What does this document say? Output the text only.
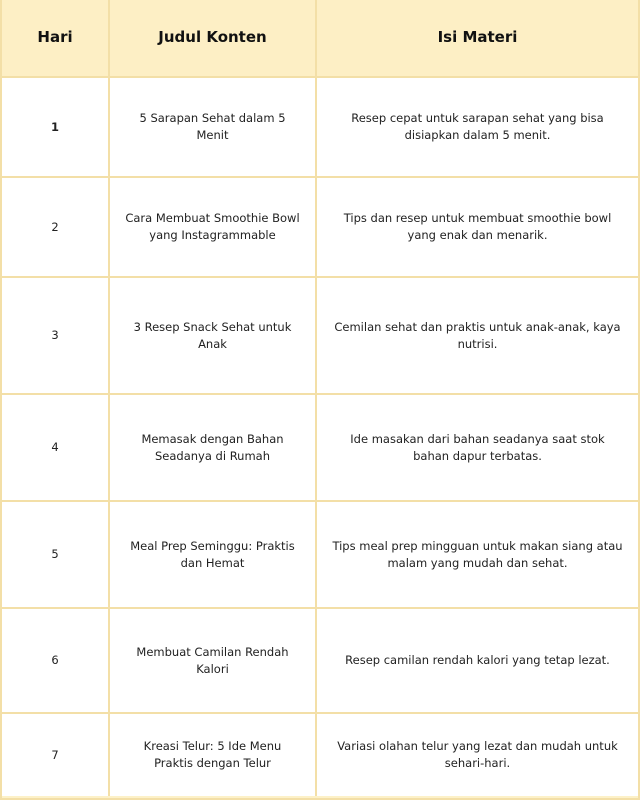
Hari	Judul Konten	Isi Materi
1
5 Sarapan Sehat dalam 5 Menit
Resep cepat untuk sarapan sehat yang bisa disiapkan dalam 5 menit.
2
Cara Membuat Smoothie Bowl yang Instagrammable
Tips dan resep untuk membuat smoothie bowl yang enak dan menarik.
3
3 Resep Snack Sehat untuk Anak
Cemilan sehat dan praktis untuk anak-anak, kaya nutrisi.
4
Memasak dengan Bahan Seadanya di Rumah
Ide masakan dari bahan seadanya saat stok bahan dapur terbatas.
5
Meal Prep Seminggu: Praktis dan Hemat
Tips meal prep mingguan untuk makan siang atau malam yang mudah dan sehat.
6
Membuat Camilan Rendah Kalori
Resep camilan rendah kalori yang tetap lezat.
7
Kreasi Telur: 5 Ide Menu Praktis dengan Telur
Variasi olahan telur yang lezat dan mudah untuk sehari-hari.
